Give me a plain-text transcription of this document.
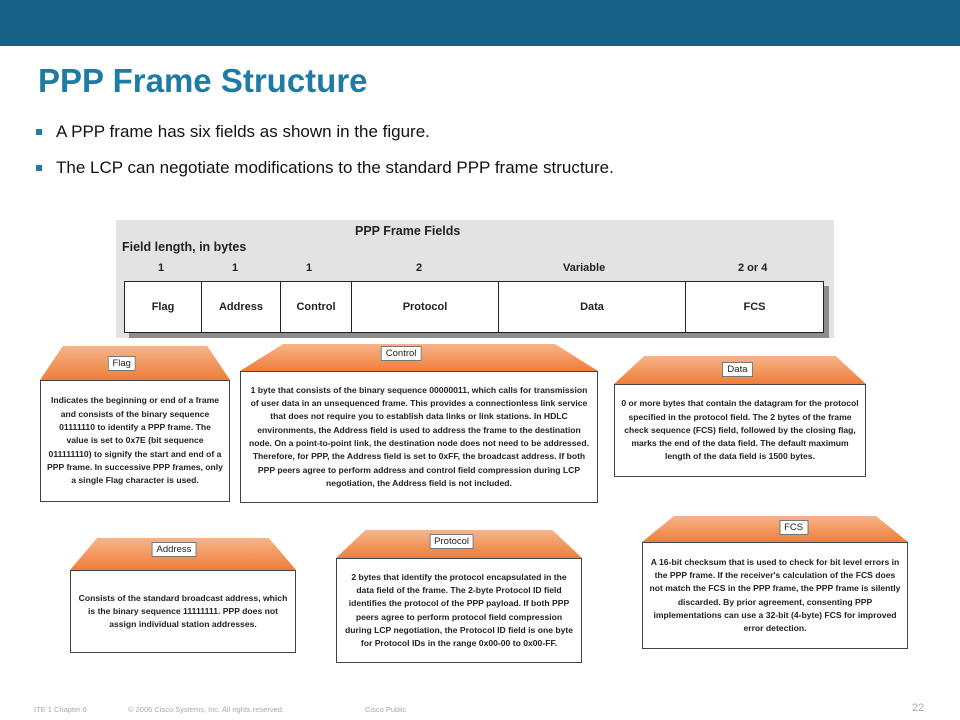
PPP Frame Structure
A PPP frame has six fields as shown in the figure.
The LCP can negotiate modifications to the standard PPP frame structure.
PPP Frame Fields
Field length, in bytes
1	1	1	2	Variable	2 or 4
Flag	Address	Control	Protocol	Data	FCS
Flag
Indicates the beginning or end of a frame and consists of the binary sequence 01111110 to identify a PPP frame. The value is set to 0x7E (bit sequence 011111110) to signify the start and end of a PPP frame. In successive PPP frames, only a single Flag character is used.
Control
1 byte that consists of the binary sequence 00000011, which calls for transmission of user data in an unsequenced frame. This provides a connectionless link service that does not require you to establish data links or link stations. In HDLC environments, the Address field is used to address the frame to the destination node. On a point-to-point link, the destination node does not need to be addressed. Therefore, for PPP, the Address field is set to 0xFF, the broadcast address. If both PPP peers agree to perform address and control field compression during LCP negotiation, the Address field is not included.
Data
0 or more bytes that contain the datagram for the protocol specified in the protocol field. The 2 bytes of the frame check sequence (FCS) field, followed by the closing flag, marks the end of the data field. The default maximum length of the data field is 1500 bytes.
Address
Consists of the standard broadcast address, which is the binary sequence 11111111. PPP does not assign individual station addresses.
Protocol
2 bytes that identify the protocol encapsulated in the data field of the frame. The 2-byte Protocol ID field identifies the protocol of the PPP payload. If both PPP peers agree to perform protocol field compression during LCP negotiation, the Protocol ID field is one byte for Protocol IDs in the range 0x00-00 to 0x00-FF.
FCS
A 16-bit checksum that is used to check for bit level errors in the PPP frame. If the receiver's calculation of the FCS does not match the FCS in the PPP frame, the PPP frame is silently discarded. By prior agreement, consenting PPP implementations can use a 32-bit (4-byte) FCS for improved error detection.
ITE 1 Chapter 6	© 2006 Cisco Systems, Inc. All rights reserved.	Cisco Public	22
